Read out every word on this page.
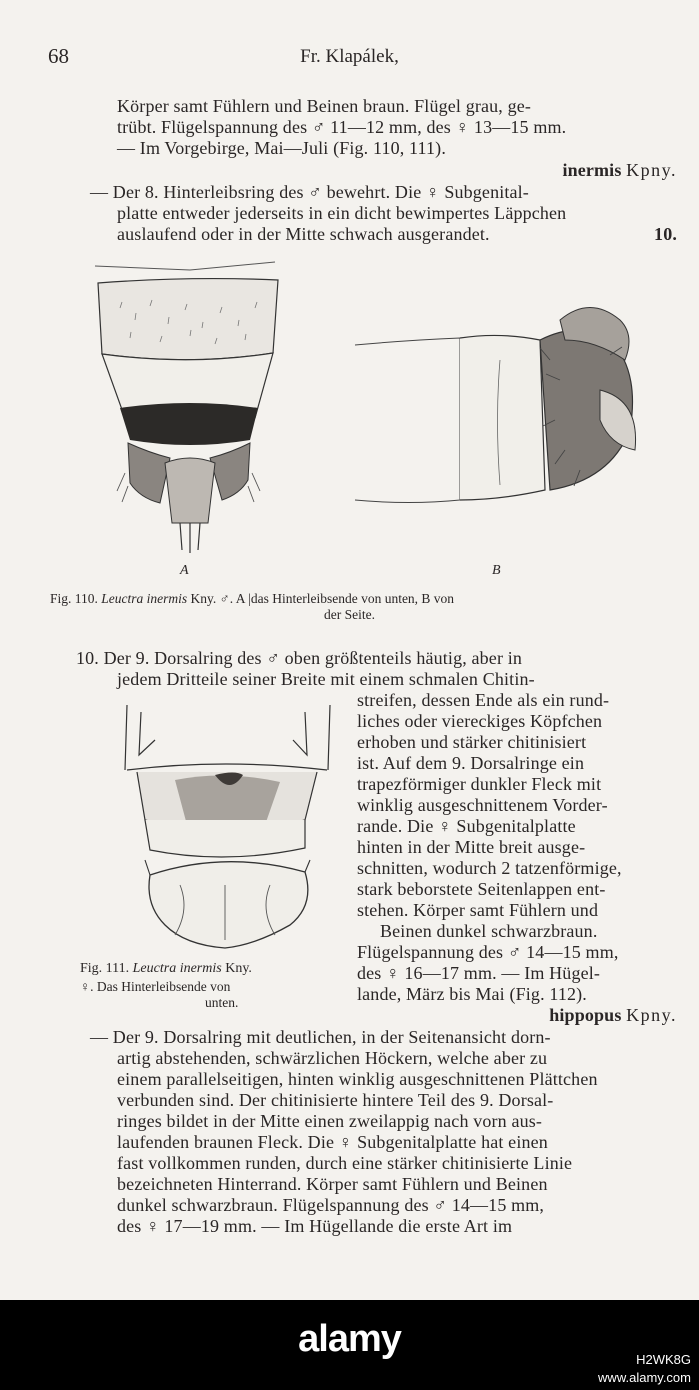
68	Fr. Klapálek,
Körper samt Fühlern und Beinen braun. Flügel grau, ge-
trübt. Flügelspannung des ♂ 11—12 mm, des ♀ 13—15 mm.
— Im Vorgebirge, Mai—Juli (Fig. 110, 111).
inermis Kpny.
— Der 8. Hinterleibsring des ♂ bewehrt. Die ♀ Subgenital-
platte entweder jederseits in ein dicht bewimpertes Läppchen
auslaufend oder in der Mitte schwach ausgerandet.	10.
A	B
Fig. 110. Leuctra inermis Kny. ♂. A |das Hinterleibsende von unten, B von
der Seite.
10. Der 9. Dorsalring des ♂ oben größtenteils häutig, aber in
jedem Dritteile seiner Breite mit einem schmalen Chitin-
streifen, dessen Ende als ein rund-
liches oder viereckiges Köpfchen
erhoben und stärker chitinisiert
ist. Auf dem 9. Dorsalringe ein
trapezförmiger dunkler Fleck mit
winklig ausgeschnittenem Vorder-
rande. Die ♀ Subgenitalplatte
hinten in der Mitte breit ausge-
schnitten, wodurch 2 tatzenförmige,
stark beborstete Seitenlappen ent-
stehen. Körper samt Fühlern und
Beinen dunkel schwarzbraun.
Flügelspannung des ♂ 14—15 mm,
des ♀ 16—17 mm. — Im Hügel-
lande, März bis Mai (Fig. 112).
hippopus Kpny.
Fig. 111. Leuctra inermis Kny.
♀. Das Hinterleibsende von
unten.
— Der 9. Dorsalring mit deutlichen, in der Seitenansicht dorn-
artig abstehenden, schwärzlichen Höckern, welche aber zu
einem parallelseitigen, hinten winklig ausgeschnittenen Plättchen
verbunden sind. Der chitinisierte hintere Teil des 9. Dorsal-
ringes bildet in der Mitte einen zweilappig nach vorn aus-
laufenden braunen Fleck. Die ♀ Subgenitalplatte hat einen
fast vollkommen runden, durch eine stärker chitinisierte Linie
bezeichneten Hinterrand. Körper samt Fühlern und Beinen
dunkel schwarzbraun. Flügelspannung des ♂ 14—15 mm,
des ♀ 17—19 mm. — Im Hügellande die erste Art im
alamy	H2WK8G
www.alamy.com
